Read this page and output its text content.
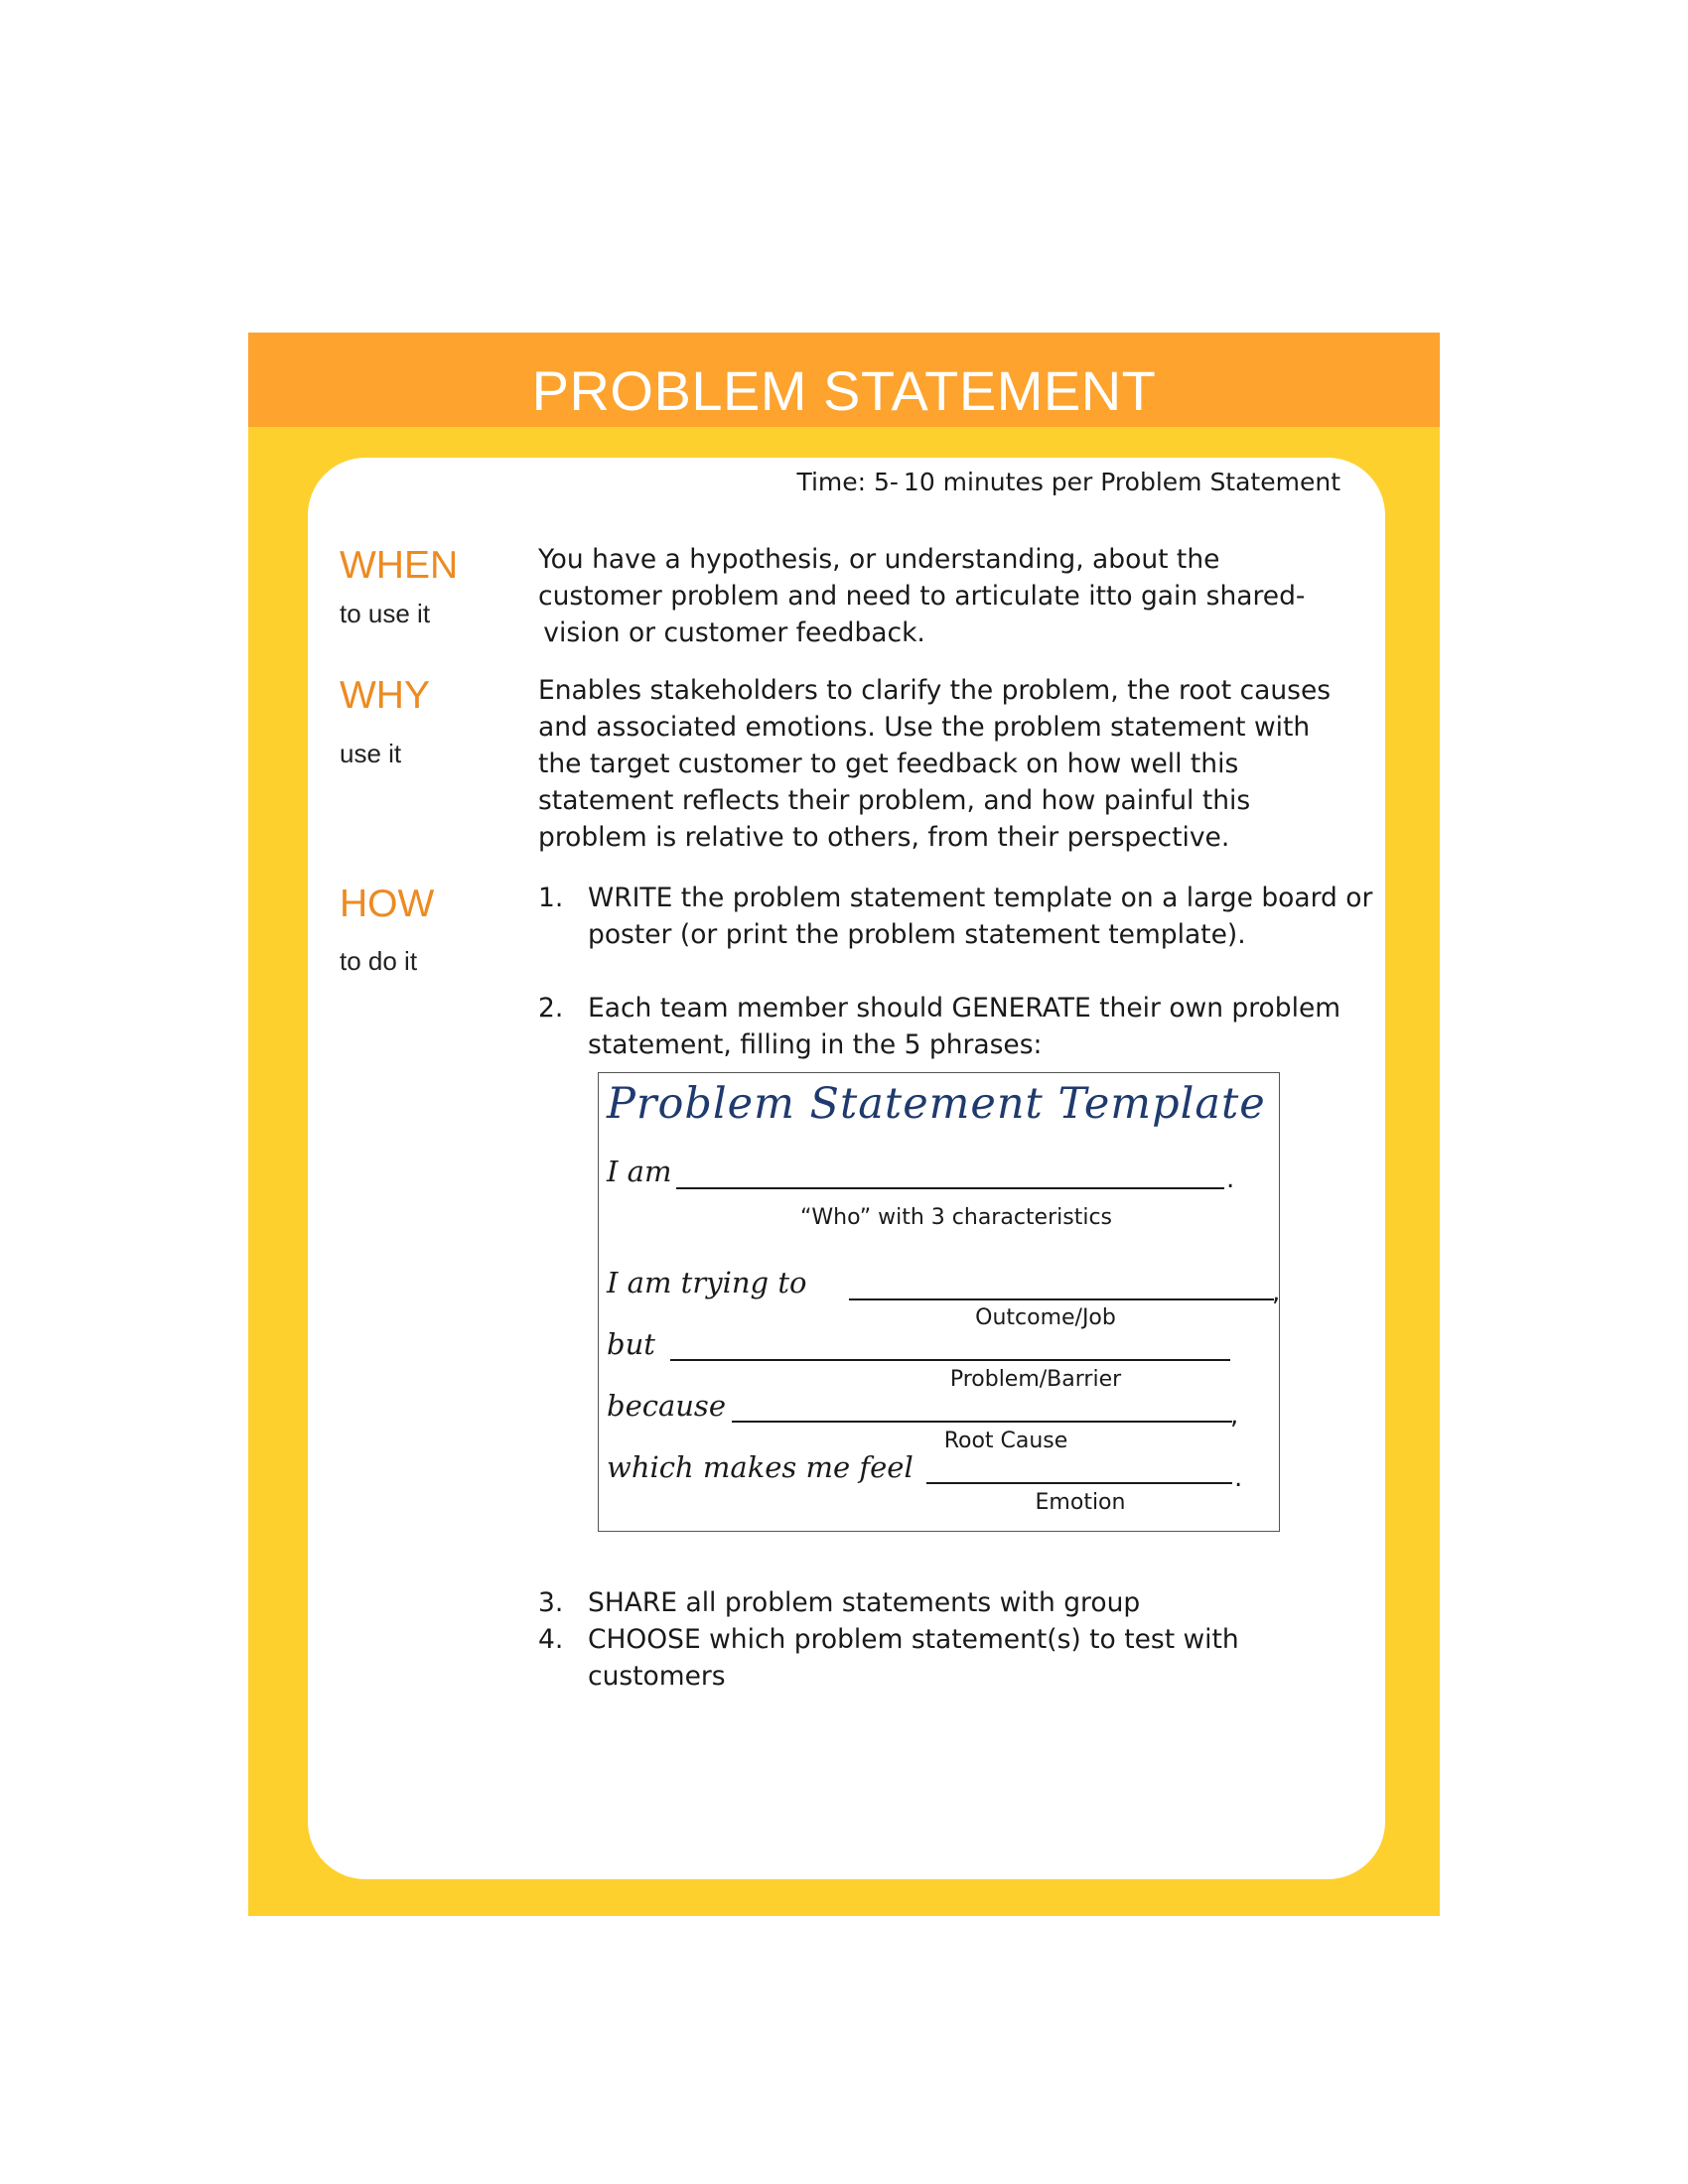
PROBLEM STATEMENT
Time: 5- 10 minutes per Problem Statement
WHEN
to use it
You have a hypothesis, or understanding, about the customer problem and need to articulate itto gain shared- vision or customer feedback.
WHY
use it
Enables stakeholders to clarify the problem, the root causes and associated emotions. Use the problem statement with the target customer to get feedback on how well this statement reflects their problem, and how painful this problem is relative to others, from their perspective.
HOW
to do it
1. WRITE the problem statement template on a large board or poster (or print the problem statement template).
2. Each team member should GENERATE their own problem statement, filling in the 5 phrases:
Problem Statement Template
I am	.
“Who” with 3 characteristics
I am trying to	,
Outcome/Job
but
Problem/Barrier
because	,
Root Cause
which makes me feel	.
Emotion
3. SHARE all problem statements with group
4. CHOOSE which problem statement(s) to test with customers
